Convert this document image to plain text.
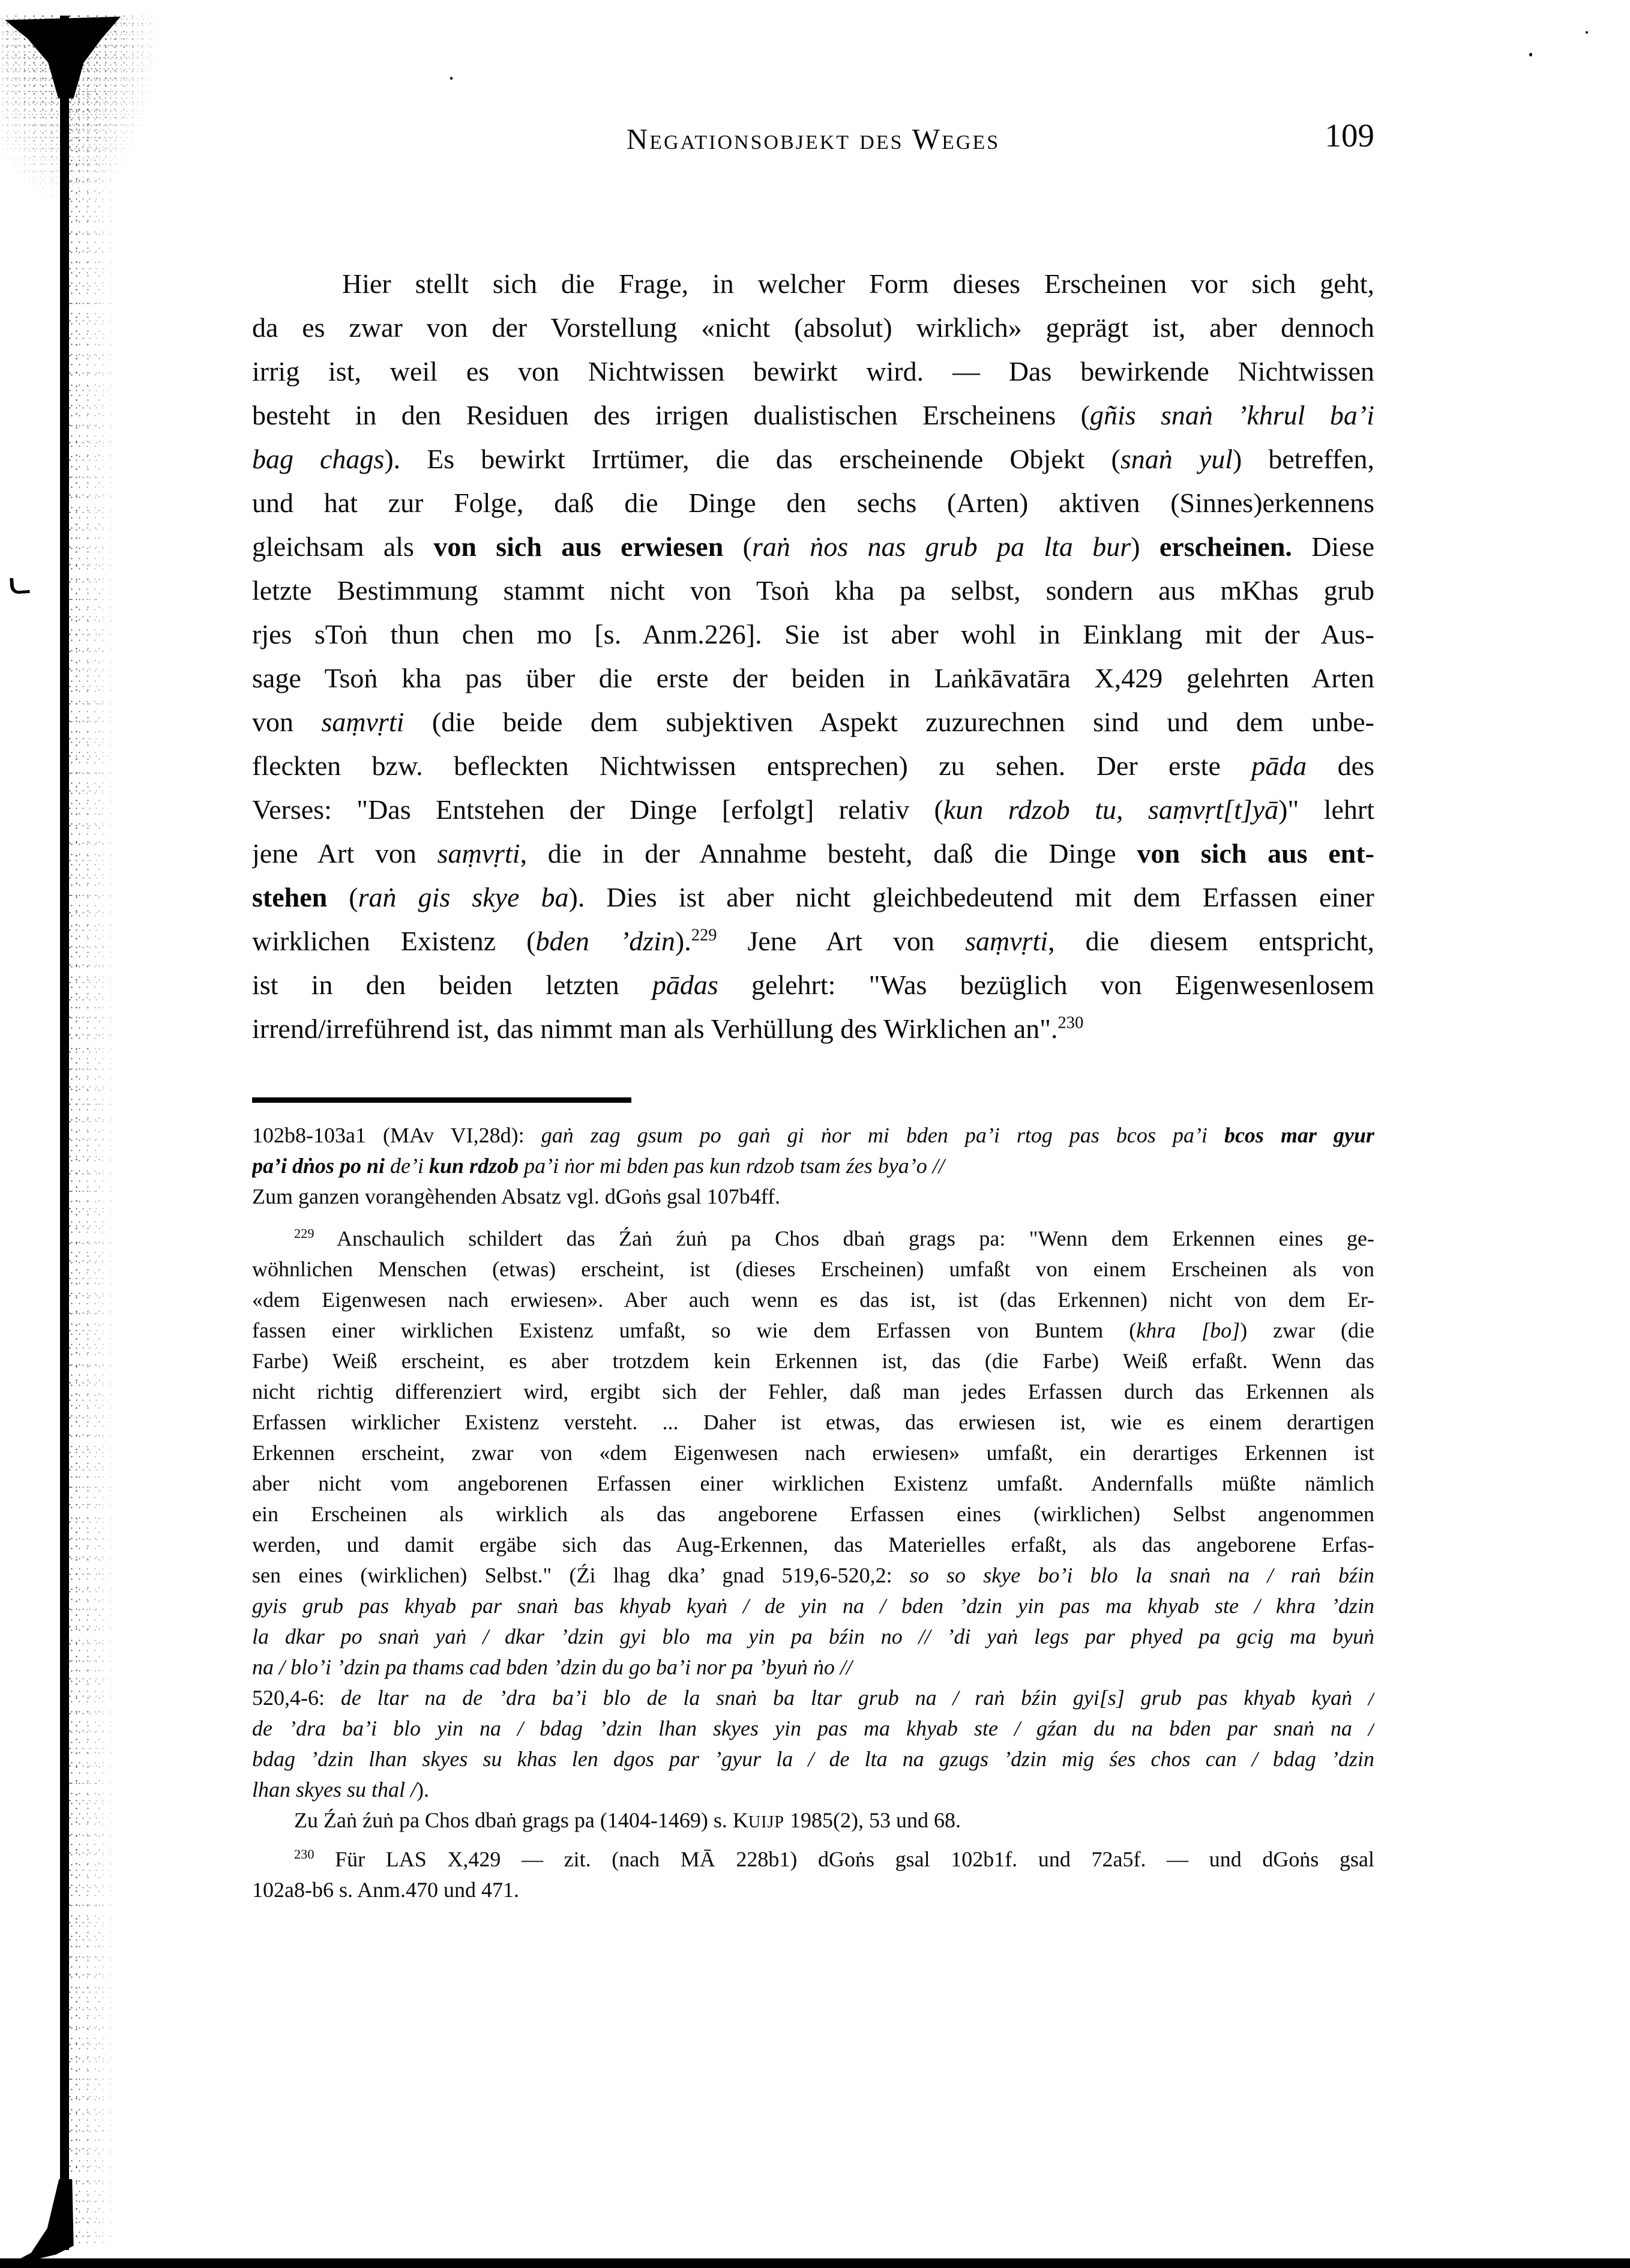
Negationsobjekt des Weges	109
Hier stellt sich die Frage, in welcher Form dieses Erscheinen vor sich geht,
da es zwar von der Vorstellung «nicht (absolut) wirklich» geprägt ist, aber dennoch
irrig ist, weil es von Nichtwissen bewirkt wird. — Das bewirkende Nichtwissen
besteht in den Residuen des irrigen dualistischen Erscheinens (gñis snaṅ ’khrul ba’i
bag chags). Es bewirkt Irrtümer, die das erscheinende Objekt (snaṅ yul) betreffen,
und hat zur Folge, daß die Dinge den sechs (Arten) aktiven (Sinnes)erkennens
gleichsam als von sich aus erwiesen (raṅ ṅos nas grub pa lta bur) erscheinen. Diese
letzte Bestimmung stammt nicht von Tsoṅ kha pa selbst, sondern aus mKhas grub
rjes sToṅ thun chen mo [s. Anm.226]. Sie ist aber wohl in Einklang mit der Aus-
sage Tsoṅ kha pas über die erste der beiden in Laṅkāvatāra X,429 gelehrten Arten
von saṃvṛti (die beide dem subjektiven Aspekt zuzurechnen sind und dem unbe-
fleckten bzw. befleckten Nichtwissen entsprechen) zu sehen. Der erste pāda des
Verses: "Das Entstehen der Dinge [erfolgt] relativ (kun rdzob tu, saṃvṛt[t]yā)" lehrt
jene Art von saṃvṛti, die in der Annahme besteht, daß die Dinge von sich aus ent-
stehen (raṅ gis skye ba). Dies ist aber nicht gleichbedeutend mit dem Erfassen einer
wirklichen Existenz (bden ’dzin).$^{229}$ Jene Art von saṃvṛti, die diesem entspricht,
ist in den beiden letzten pādas gelehrt: "Was bezüglich von Eigenwesenlosem
irrend/irreführend ist, das nimmt man als Verhüllung des Wirklichen an".$^{230}$
102b8-103a1 (MAv VI,28d): gaṅ zag gsum po gaṅ gi ṅor mi bden pa’i rtog pas bcos pa’i bcos mar gyur
pa’i dṅos po ni de’i kun rdzob pa’i ṅor mi bden pas kun rdzob tsam źes bya’o //
Zum ganzen vorangèhenden Absatz vgl. dGoṅs gsal 107b4ff.
$^{229}$ Anschaulich schildert das Źaṅ źuṅ pa Chos dbaṅ grags pa: "Wenn dem Erkennen eines ge-
wöhnlichen Menschen (etwas) erscheint, ist (dieses Erscheinen) umfaßt von einem Erscheinen als von
«dem Eigenwesen nach erwiesen». Aber auch wenn es das ist, ist (das Erkennen) nicht von dem Er-
fassen einer wirklichen Existenz umfaßt, so wie dem Erfassen von Buntem (khra [bo]) zwar (die
Farbe) Weiß erscheint, es aber trotzdem kein Erkennen ist, das (die Farbe) Weiß erfaßt. Wenn das
nicht richtig differenziert wird, ergibt sich der Fehler, daß man jedes Erfassen durch das Erkennen als
Erfassen wirklicher Existenz versteht. ... Daher ist etwas, das erwiesen ist, wie es einem derartigen
Erkennen erscheint, zwar von «dem Eigenwesen nach erwiesen» umfaßt, ein derartiges Erkennen ist
aber nicht vom angeborenen Erfassen einer wirklichen Existenz umfaßt. Andernfalls müßte nämlich
ein Erscheinen als wirklich als das angeborene Erfassen eines (wirklichen) Selbst angenommen
werden, und damit ergäbe sich das Aug-Erkennen, das Materielles erfaßt, als das angeborene Erfas-
sen eines (wirklichen) Selbst." (Źi lhag dka’ gnad 519,6-520,2: so so skye bo’i blo la snaṅ na / raṅ bźin
gyis grub pas khyab par snaṅ bas khyab kyaṅ / de yin na / bden ’dzin yin pas ma khyab ste / khra ’dzin
la dkar po snaṅ yaṅ / dkar ’dzin gyi blo ma yin pa bźin no // ’di yaṅ legs par phyed pa gcig ma byuṅ
na / blo’i ’dzin pa thams cad bden ’dzin du go ba’i nor pa ’byuṅ ṅo //
520,4-6: de ltar na de ’dra ba’i blo de la snaṅ ba ltar grub na / raṅ bźin gyi[s] grub pas khyab kyaṅ /
de ’dra ba’i blo yin na / bdag ’dzin lhan skyes yin pas ma khyab ste / gźan du na bden par snaṅ na /
bdag ’dzin lhan skyes su khas len dgos par ’gyur la / de lta na gzugs ’dzin mig śes chos can / bdag ’dzin
lhan skyes su thal /).
Zu Źaṅ źuṅ pa Chos dbaṅ grags pa (1404-1469) s. KUIJP 1985(2), 53 und 68.
$^{230}$ Für LAS X,429 — zit. (nach MĀ 228b1) dGoṅs gsal 102b1f. und 72a5f. — und dGoṅs gsal
102a8-b6 s. Anm.470 und 471.
